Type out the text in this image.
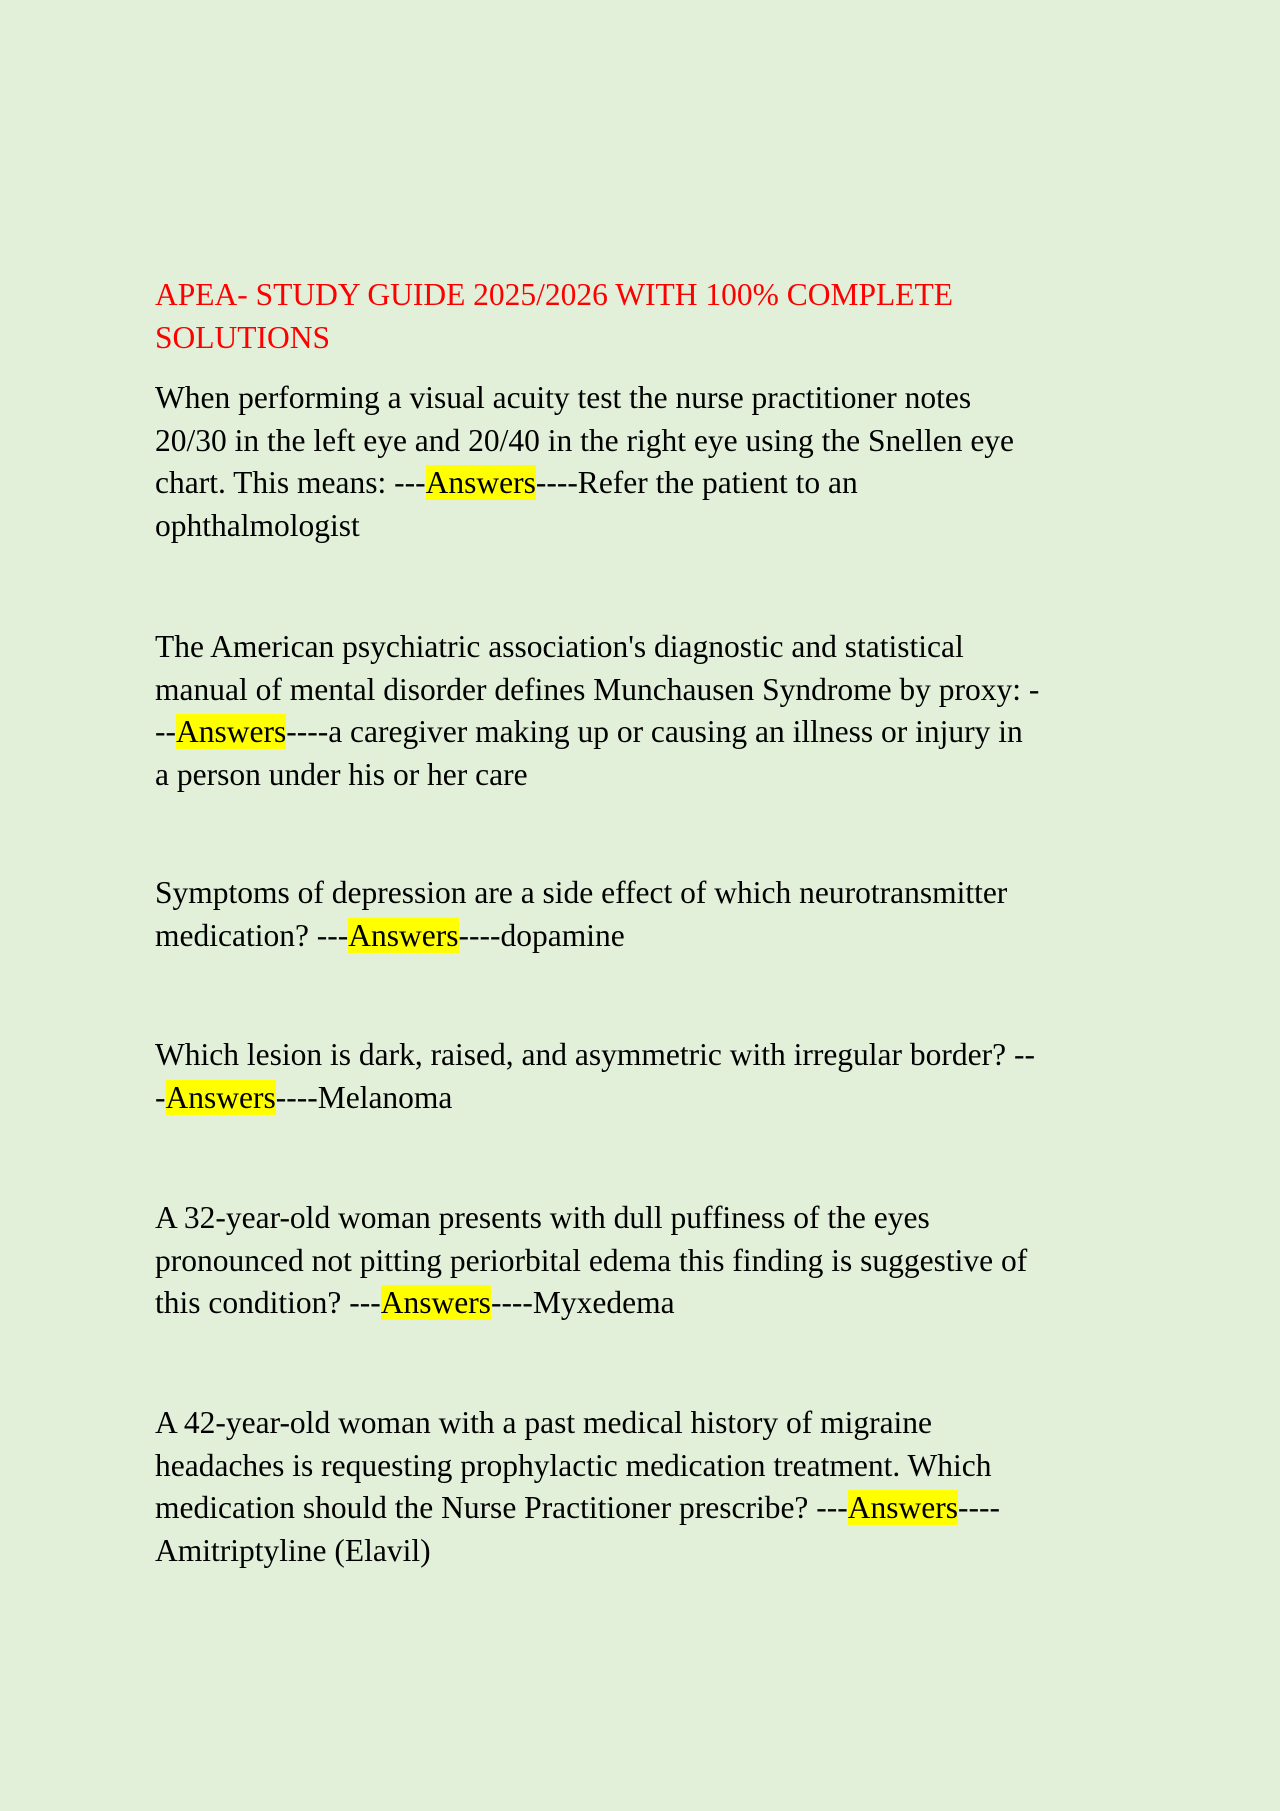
APEA- STUDY GUIDE 2025/2026 WITH 100% COMPLETE
SOLUTIONS
When performing a visual acuity test the nurse practitioner notes
20/30 in the left eye and 20/40 in the right eye using the Snellen eye
chart. This means: ---Answers----Refer the patient to an
ophthalmologist
The American psychiatric association's diagnostic and statistical
manual of mental disorder defines Munchausen Syndrome by proxy: -
--Answers----a caregiver making up or causing an illness or injury in
a person under his or her care
Symptoms of depression are a side effect of which neurotransmitter
medication? ---Answers----dopamine
Which lesion is dark, raised, and asymmetric with irregular border? --
-Answers----Melanoma
A 32-year-old woman presents with dull puffiness of the eyes
pronounced not pitting periorbital edema this finding is suggestive of
this condition? ---Answers----Myxedema
A 42-year-old woman with a past medical history of migraine
headaches is requesting prophylactic medication treatment. Which
medication should the Nurse Practitioner prescribe? ---Answers----
Amitriptyline (Elavil)
